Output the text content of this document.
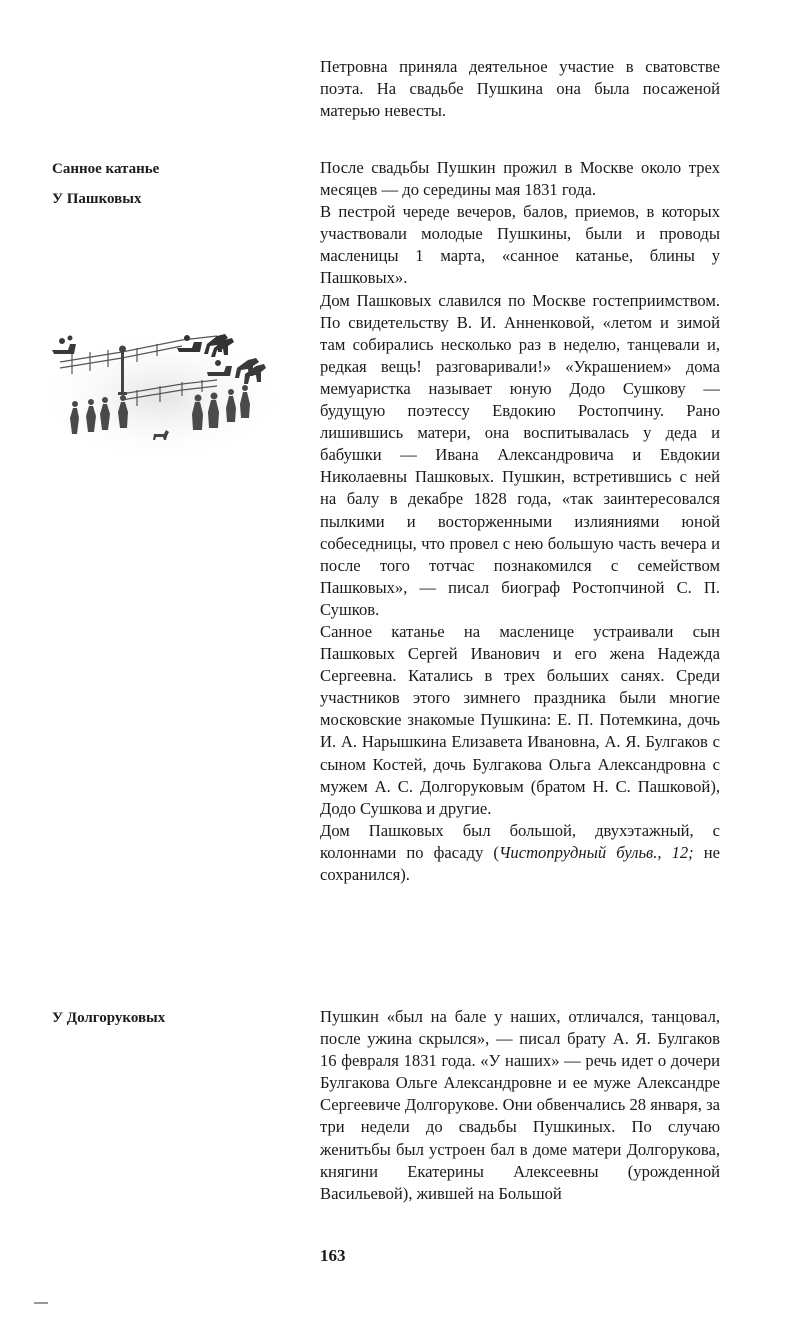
Санное катанье
У Пашковых
У Долгоруковых

Петровна приняла деятельное участие в сватовстве поэта. На свадьбе Пушкина она была посаженой матерью невесты.

После свадьбы Пушкин прожил в Москве около трех месяцев — до середины мая 1831 года.

В пестрой череде вечеров, балов, приемов, в которых участвовали молодые Пушкины, были и проводы масленицы 1 марта, «санное катанье, блины у Пашковых».

Дом Пашковых славился по Москве гостеприимством. По свидетельству В. И. Анненковой, «летом и зимой там собирались несколько раз в неделю, танцевали и, редкая вещь! разговаривали!» «Украшением» дома мемуаристка называет юную Додо Сушкову — будущую поэтессу Евдокию Ростопчину. Рано лишившись матери, она воспитывалась у деда и бабушки — Ивана Александровича и Евдокии Николаевны Пашковых. Пушкин, встретившись с ней на балу в декабре 1828 года, «так заинтересовался пылкими и восторженными излияниями юной собеседницы, что провел с нею большую часть вечера и после того тотчас познакомился с семейством Пашковых», — писал биограф Ростопчиной С. П. Сушков.

Санное катанье на масленице устраивали сын Пашковых Сергей Иванович и его жена Надежда Сергеевна. Катались в трех больших санях. Среди участников этого зимнего праздника были многие московские знакомые Пушкина: Е. П. Потемкина, дочь И. А. Нарышкина Елизавета Ивановна, А. Я. Булгаков с сыном Костей, дочь Булгакова Ольга Александровна с мужем А. С. Долгоруковым (братом Н. С. Пашковой), Додо Сушкова и другие.

Дом Пашковых был большой, двухэтажный, с колоннами по фасаду (Чистопрудный бульв., 12; не сохранился).

Пушкин «был на бале у наших, отличался, танцовал, после ужина скрылся», — писал брату А. Я. Булгаков 16 февраля 1831 года. «У наших» — речь идет о дочери Булгакова Ольге Александровне и ее муже Александре Сергеевиче Долгорукове. Они обвенчались 28 января, за три недели до свадьбы Пушкиных. По случаю женитьбы был устроен бал в доме матери Долгорукова, княгини Екатерины Алексеевны (урожденной Васильевой), жившей на Большой

163
